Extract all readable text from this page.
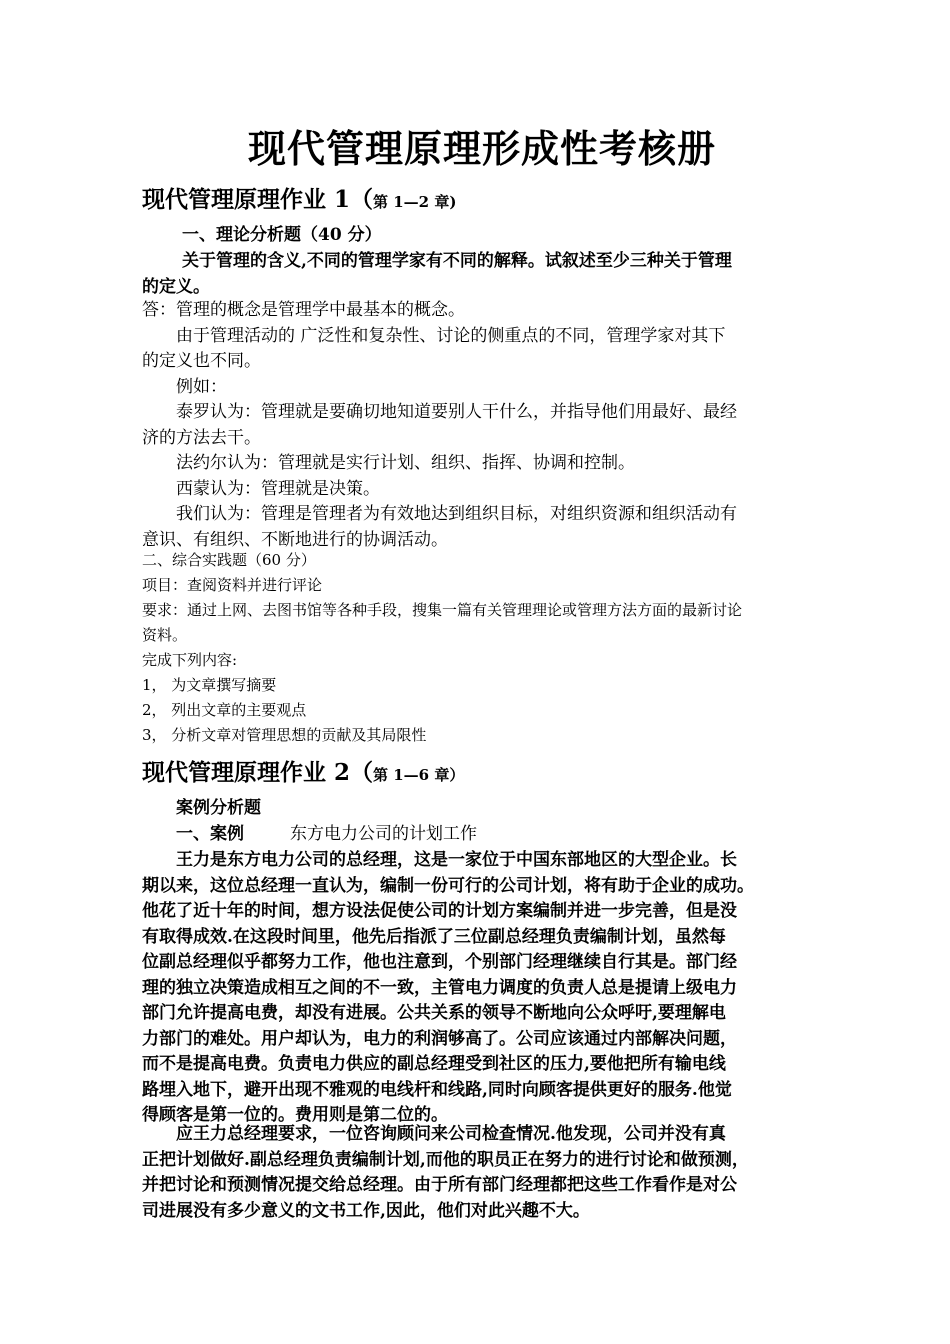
现代管理原理形成性考核册
现代管理原理作业 1（第 1—2 章)
一、理论分析题（40 分）
关于管理的含义,不同的管理学家有不同的解释。试叙述至少三种关于管理
的定义。
答：管理的概念是管理学中最基本的概念。
由于管理活动的 广泛性和复杂性、讨论的侧重点的不同，管理学家对其下
的定义也不同。
例如：
泰罗认为：管理就是要确切地知道要别人干什么，并指导他们用最好、最经
济的方法去干。
法约尔认为：管理就是实行计划、组织、指挥、协调和控制。
西蒙认为：管理就是决策。
我们认为：管理是管理者为有效地达到组织目标，对组织资源和组织活动有
意识、有组织、不断地进行的协调活动。
二、综合实践题（60 分）
项目：查阅资料并进行评论
要求：通过上网、去图书馆等各种手段，搜集一篇有关管理理论或管理方法方面的最新讨论
资料。
完成下列内容:
1， 为文章撰写摘要
2， 列出文章的主要观点
3， 分析文章对管理思想的贡献及其局限性
现代管理原理作业 2（第 1—6 章）
案例分析题
一、案例	东方电力公司的计划工作
王力是东方电力公司的总经理，这是一家位于中国东部地区的大型企业。长
期以来，这位总经理一直认为，编制一份可行的公司计划，将有助于企业的成功。
他花了近十年的时间，想方设法促使公司的计划方案编制并进一步完善，但是没
有取得成效.在这段时间里，他先后指派了三位副总经理负责编制计划，虽然每
位副总经理似乎都努力工作，他也注意到，个别部门经理继续自行其是。部门经
理的独立决策造成相互之间的不一致，主管电力调度的负责人总是提请上级电力
部门允许提高电费，却没有进展。公共关系的领导不断地向公众呼吁,要理解电
力部门的难处。用户却认为，电力的利润够高了。公司应该通过内部解决问题，
而不是提高电费。负责电力供应的副总经理受到社区的压力,要他把所有输电线
路埋入地下，避开出现不雅观的电线杆和线路,同时向顾客提供更好的服务.他觉
得顾客是第一位的。费用则是第二位的。
应王力总经理要求，一位咨询顾问来公司检查情况.他发现，公司并没有真
正把计划做好.副总经理负责编制计划,而他的职员正在努力的进行讨论和做预测，
并把讨论和预测情况提交给总经理。由于所有部门经理都把这些工作看作是对公
司进展没有多少意义的文书工作,因此，他们对此兴趣不大。
